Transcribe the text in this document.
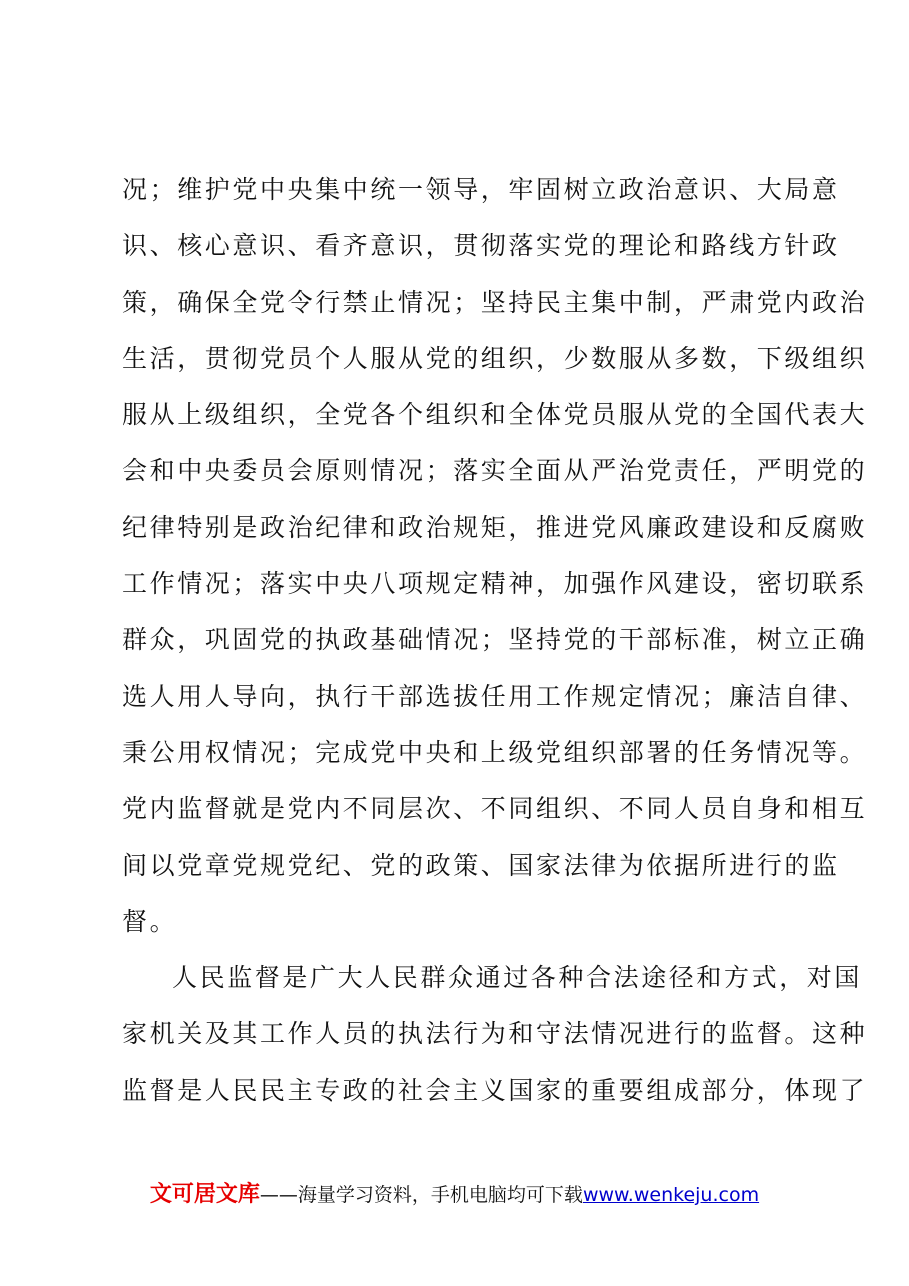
况；维护党中央集中统一领导，牢固树立政治意识、大局意
识、核心意识、看齐意识，贯彻落实党的理论和路线方针政
策，确保全党令行禁止情况；坚持民主集中制，严肃党内政治
生活，贯彻党员个人服从党的组织，少数服从多数，下级组织
服从上级组织，全党各个组织和全体党员服从党的全国代表大
会和中央委员会原则情况；落实全面从严治党责任，严明党的
纪律特别是政治纪律和政治规矩，推进党风廉政建设和反腐败
工作情况；落实中央八项规定精神，加强作风建设，密切联系
群众，巩固党的执政基础情况；坚持党的干部标准，树立正确
选人用人导向，执行干部选拔任用工作规定情况；廉洁自律、
秉公用权情况；完成党中央和上级党组织部署的任务情况等。
党内监督就是党内不同层次、不同组织、不同人员自身和相互
间以党章党规党纪、党的政策、国家法律为依据所进行的监
督。
人民监督是广大人民群众通过各种合法途径和方式，对国
家机关及其工作人员的执法行为和守法情况进行的监督。这种
监督是人民民主专政的社会主义国家的重要组成部分，体现了
文可居文库——海量学习资料，手机电脑均可下载www.wenkeju.com
